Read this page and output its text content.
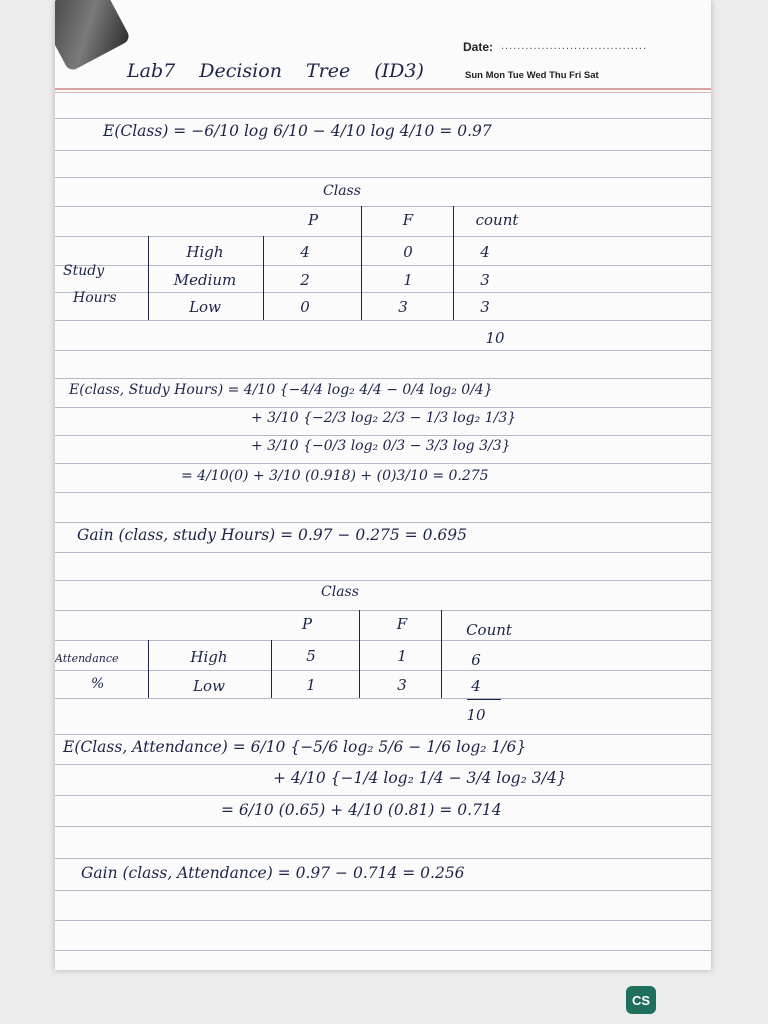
Date: ....................................
Sun Mon Tue Wed Thu Fri Sat
Lab7 Decision Tree (ID3)
E(Class) = −6/10 log 6/10 − 4/10 log 4/10 = 0.97
Class
P	F	count
Study
Hours
High	4	0	4
Medium	2	1	3
Low	0	3	3
10
E(class, Study Hours) = 4/10 {−4/4 log₂ 4/4 − 0/4 log₂ 0/4}
+ 3/10 {−2/3 log₂ 2/3 − 1/3 log₂ 1/3}
+ 3/10 {−0/3 log₂ 0/3 − 3/3 log 3/3}
= 4/10(0) + 3/10 (0.918) + (0)3/10 = 0.275
Gain (class, study Hours) = 0.97 − 0.275 = 0.695
Class
P	F	Count
Attendance
%
High	5	1	6
Low	1	3	4
10
E(Class, Attendance) = 6/10 {−5/6 log₂ 5/6 − 1/6 log₂ 1/6}
+ 4/10 {−1/4 log₂ 1/4 − 3/4 log₂ 3/4}
= 6/10 (0.65) + 4/10 (0.81) = 0.714
Gain (class, Attendance) = 0.97 − 0.714 = 0.256
CS
